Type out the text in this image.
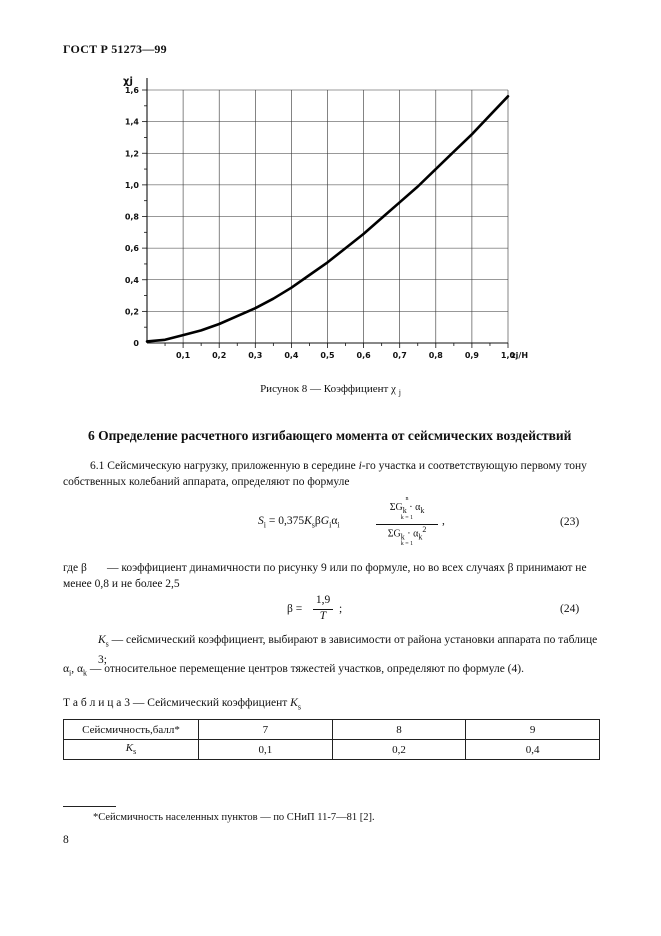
ГОСТ Р 51273—99
0
0,2
0,4
0,6
0,8
1,0
1,2
1,4
1,6
0,1	0,2	0,3	0,4	0,5	0,6	0,7	0,8	0,9	1,0
χj
zj/H
Рисунок 8 — Коэффициент χ $_j$
6 Определение расчетного изгибающего момента от сейсмических воздействий
6.1 Сейсмическую нагрузку, приложенную в середине i-го участка и соответствующую первому тону собственных колебаний аппарата, определяют по формуле
$S_i = 0,375K_s\beta G_i\alpha_i$
n
$\Sigma G_k \cdot \alpha_k$
k = 1
$\Sigma G_k \cdot \alpha_k^2$
k = 1
,	(23)
где β — коэффициент динамичности по рисунку 9 или по формуле, но во всех случаях β принимают не менее 0,8 и не более 2,5
β =
1,9
T
;	(24)
$K_s$ — сейсмический коэффициент, выбирают в зависимости от района установки аппарата по таблице 3;
$\alpha_i$, $\alpha_k$ — относительное перемещение центров тяжестей участков, определяют по формуле (4).
Т а б л и ц а 3 — Сейсмический коэффициент $K_s$
Сейсмичность,балл*	7	8	9
$K_s$	0,1	0,2	0,4
*Сейсмичность населенных пунктов — по СНиП 11-7—81 [2].
8
